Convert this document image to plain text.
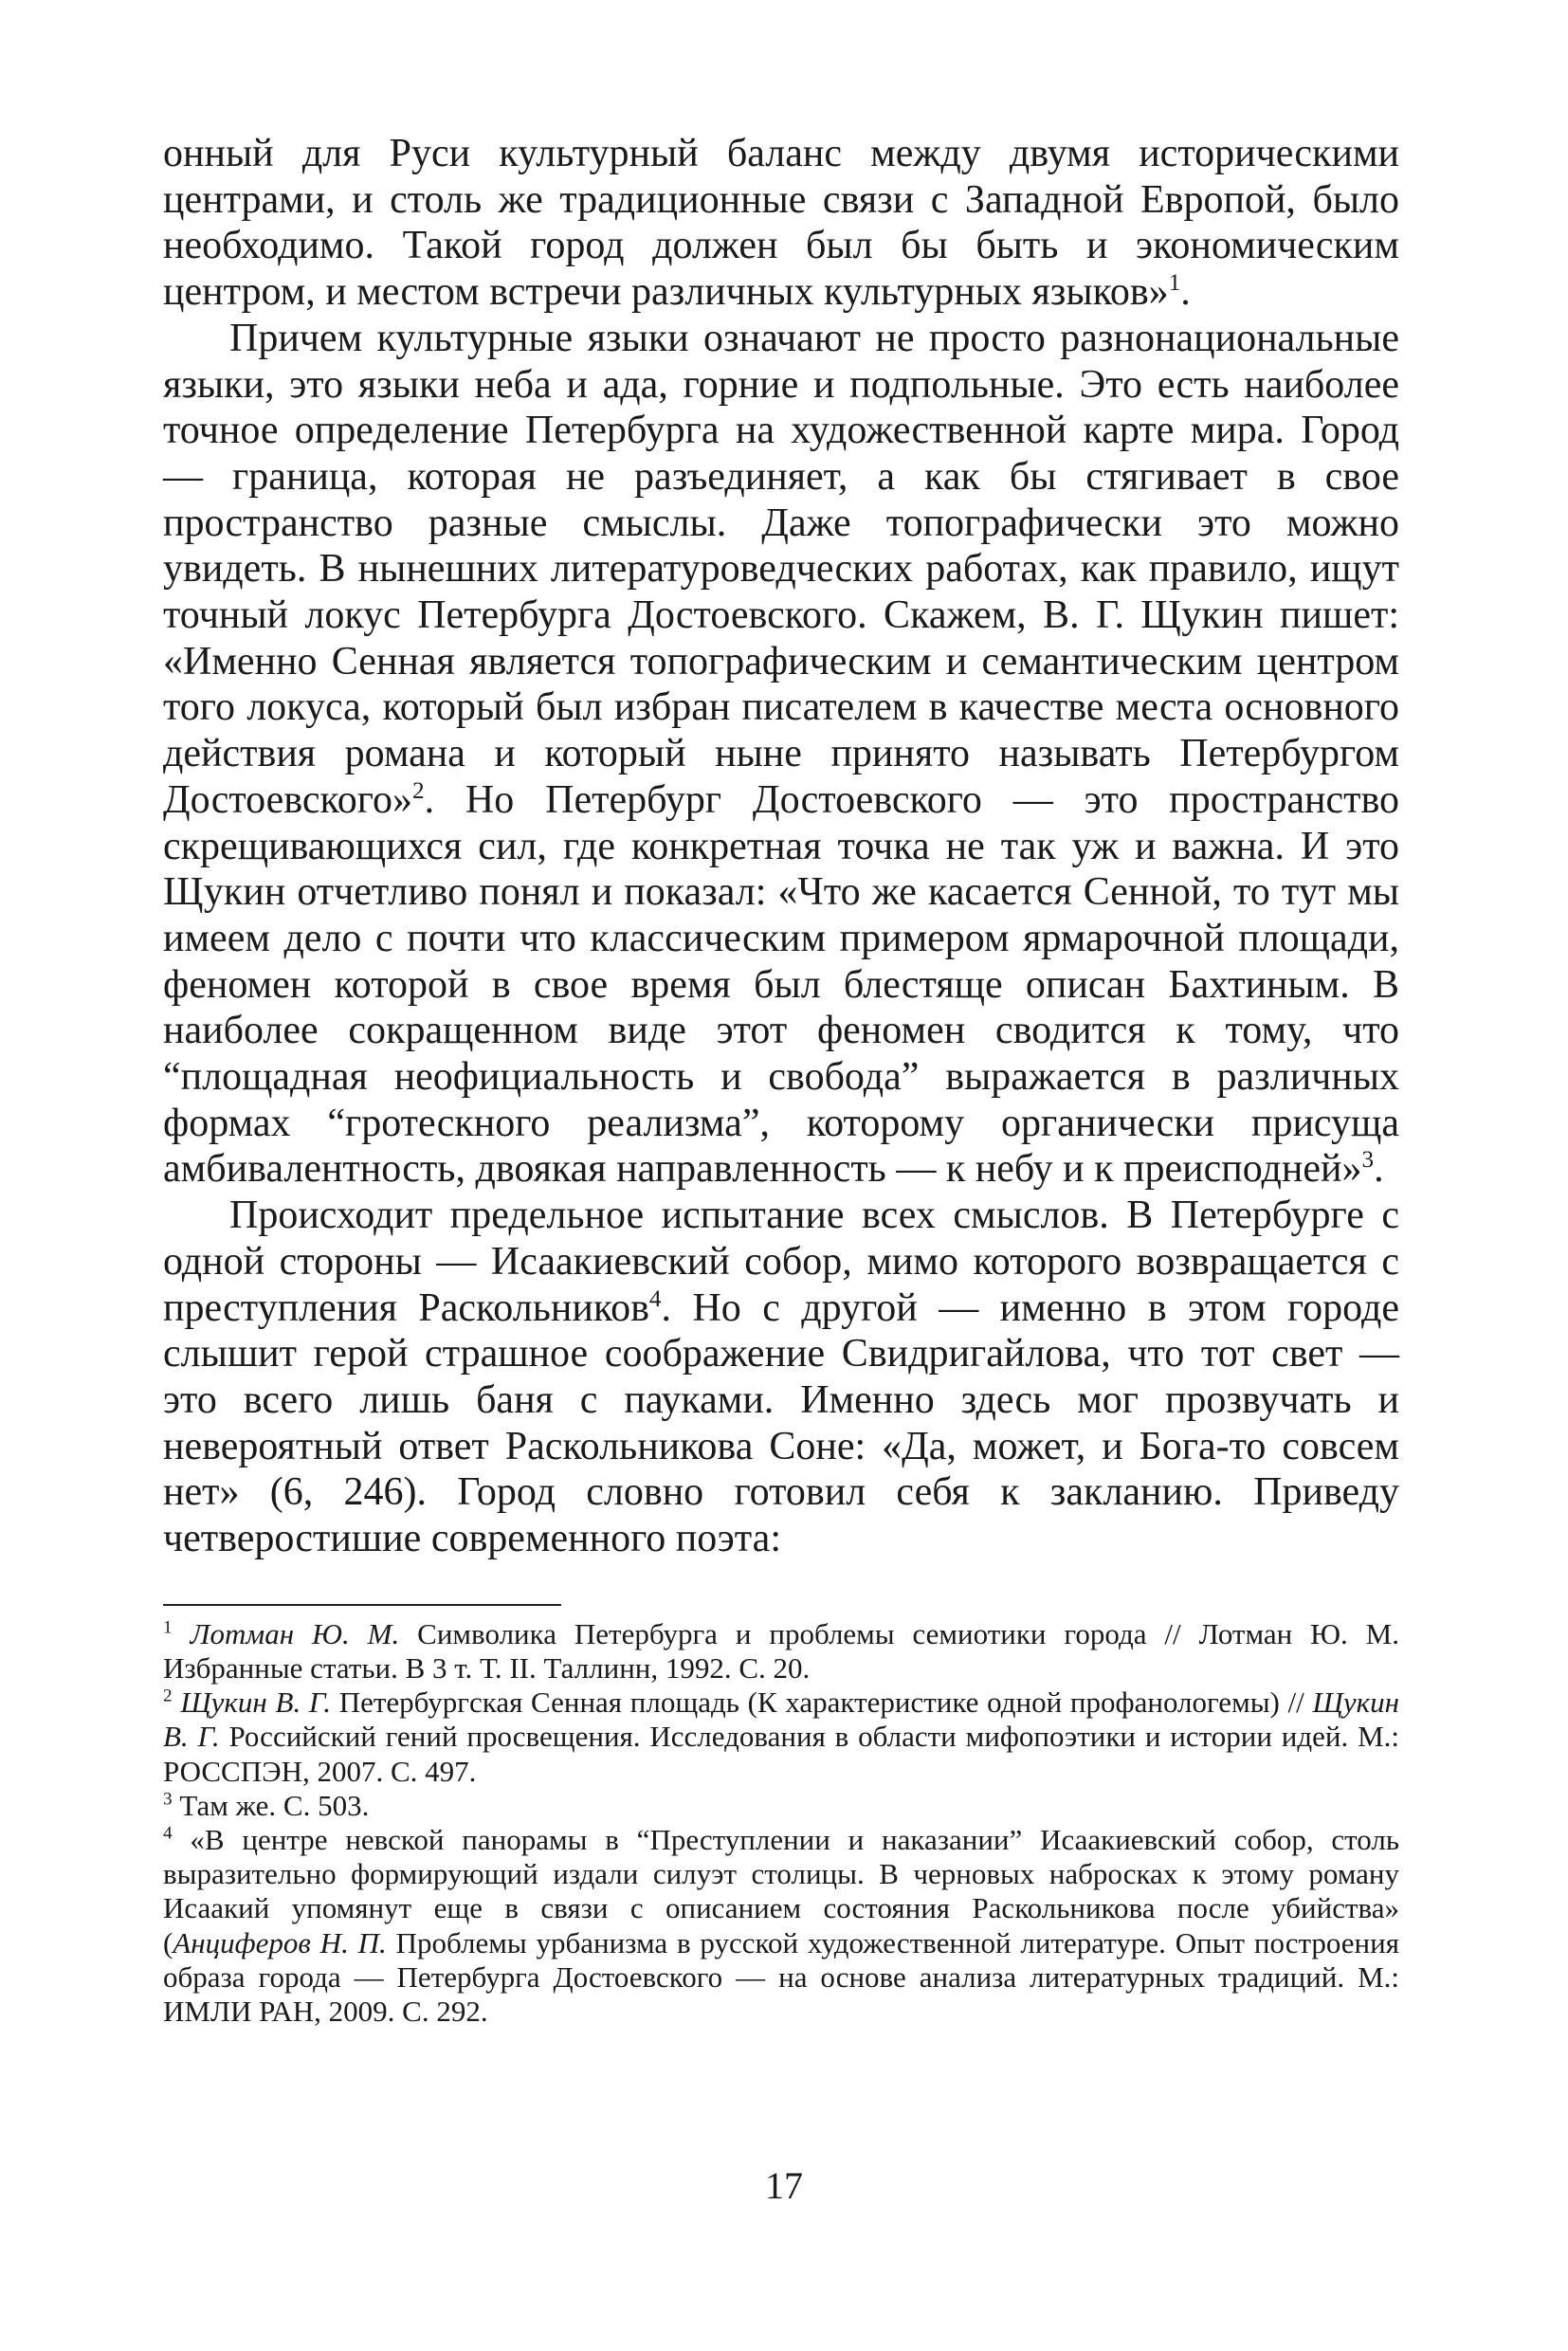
онный для Руси культурный баланс между двумя историческими центрами, и столь же традиционные связи с Западной Европой, было необходимо. Такой город должен был бы быть и экономическим центром, и местом встречи различных культурных языков»$^1$.

Причем культурные языки означают не просто разнонациональные языки, это языки неба и ада, горние и подпольные. Это есть наиболее точное определение Петербурга на художественной карте мира. Город — граница, которая не разъединяет, а как бы стягивает в свое пространство разные смыслы. Даже топографически это можно увидеть. В нынешних литературоведческих работах, как правило, ищут точный локус Петербурга Достоевского. Скажем, В. Г. Щукин пишет: «Именно Сенная является топографическим и семантическим центром того локуса, который был избран писателем в качестве места основного действия романа и который ныне принято называть Петербургом Достоевского»$^2$. Но Петербург Достоевского — это пространство скрещивающихся сил, где конкретная точка не так уж и важна. И это Щукин отчетливо понял и показал: «Что же касается Сенной, то тут мы имеем дело с почти что классическим примером ярмарочной площади, феномен которой в свое время был блестяще описан Бахтиным. В наиболее сокращенном виде этот феномен сводится к тому, что “площадная неофициальность и свобода” выражается в различных формах “гротескного реализма”, которому органически присуща амбивалентность, двоякая направленность — к небу и к преисподней»$^3$.

Происходит предельное испытание всех смыслов. В Петербурге с одной стороны — Исаакиевский собор, мимо которого возвращается с преступления Раскольников$^4$. Но с другой — именно в этом городе слышит герой страшное соображение Свидригайлова, что тот свет — это всего лишь баня с пауками. Именно здесь мог прозвучать и невероятный ответ Раскольникова Соне: «Да, может, и Бога-то совсем нет» (6, 246). Город словно готовил себя к закланию. Приведу четверостишие современного поэта:

$^1$ Лотман Ю. М. Символика Петербурга и проблемы семиотики города // Лотман Ю. М. Избранные статьи. В 3 т. Т. II. Таллинн, 1992. С. 20.

$^2$ Щукин В. Г. Петербургская Сенная площадь (К характеристике одной профанологемы) // Щукин В. Г. Российский гений просвещения. Исследования в области мифопоэтики и истории идей. М.: РОССПЭН, 2007. С. 497.

$^3$ Там же. С. 503.

$^4$ «В центре невской панорамы в “Преступлении и наказании” Исаакиевский собор, столь выразительно формирующий издали силуэт столицы. В черновых набросках к этому роману Исаакий упомянут еще в связи с описанием состояния Раскольникова после убийства» (Анциферов Н. П. Проблемы урбанизма в русской художественной литературе. Опыт построения образа города — Петербурга Достоевского — на основе анализа литературных традиций. М.: ИМЛИ РАН, 2009. С. 292.

17
